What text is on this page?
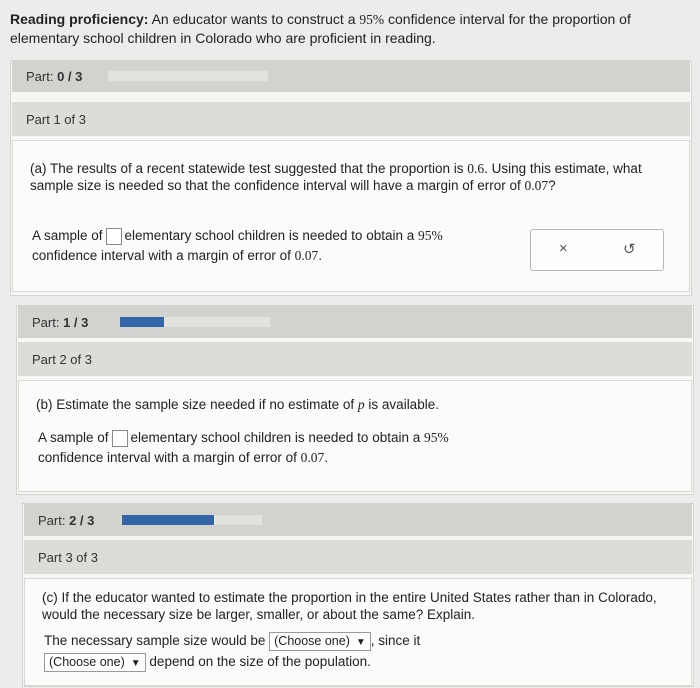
Reading proficiency: An educator wants to construct a 95% confidence interval for the proportion of elementary school children in Colorado who are proficient in reading.
Part: 0 / 3
Part 1 of 3
(a) The results of a recent statewide test suggested that the proportion is 0.6. Using this estimate, what sample size is needed so that the confidence interval will have a margin of error of 0.07?
A sample of elementary school children is needed to obtain a 95%
confidence interval with a margin of error of 0.07.	×	↺
Part: 1 / 3
Part 2 of 3
(b) Estimate the sample size needed if no estimate of p is available.
A sample of elementary school children is needed to obtain a 95%
confidence interval with a margin of error of 0.07.
Part: 2 / 3
Part 3 of 3
(c) If the educator wanted to estimate the proportion in the entire United States rather than in Colorado, would the necessary size be larger, smaller, or about the same? Explain.
The necessary sample size would be (Choose one) ▼ , since it
(Choose one) ▼ depend on the size of the population.
